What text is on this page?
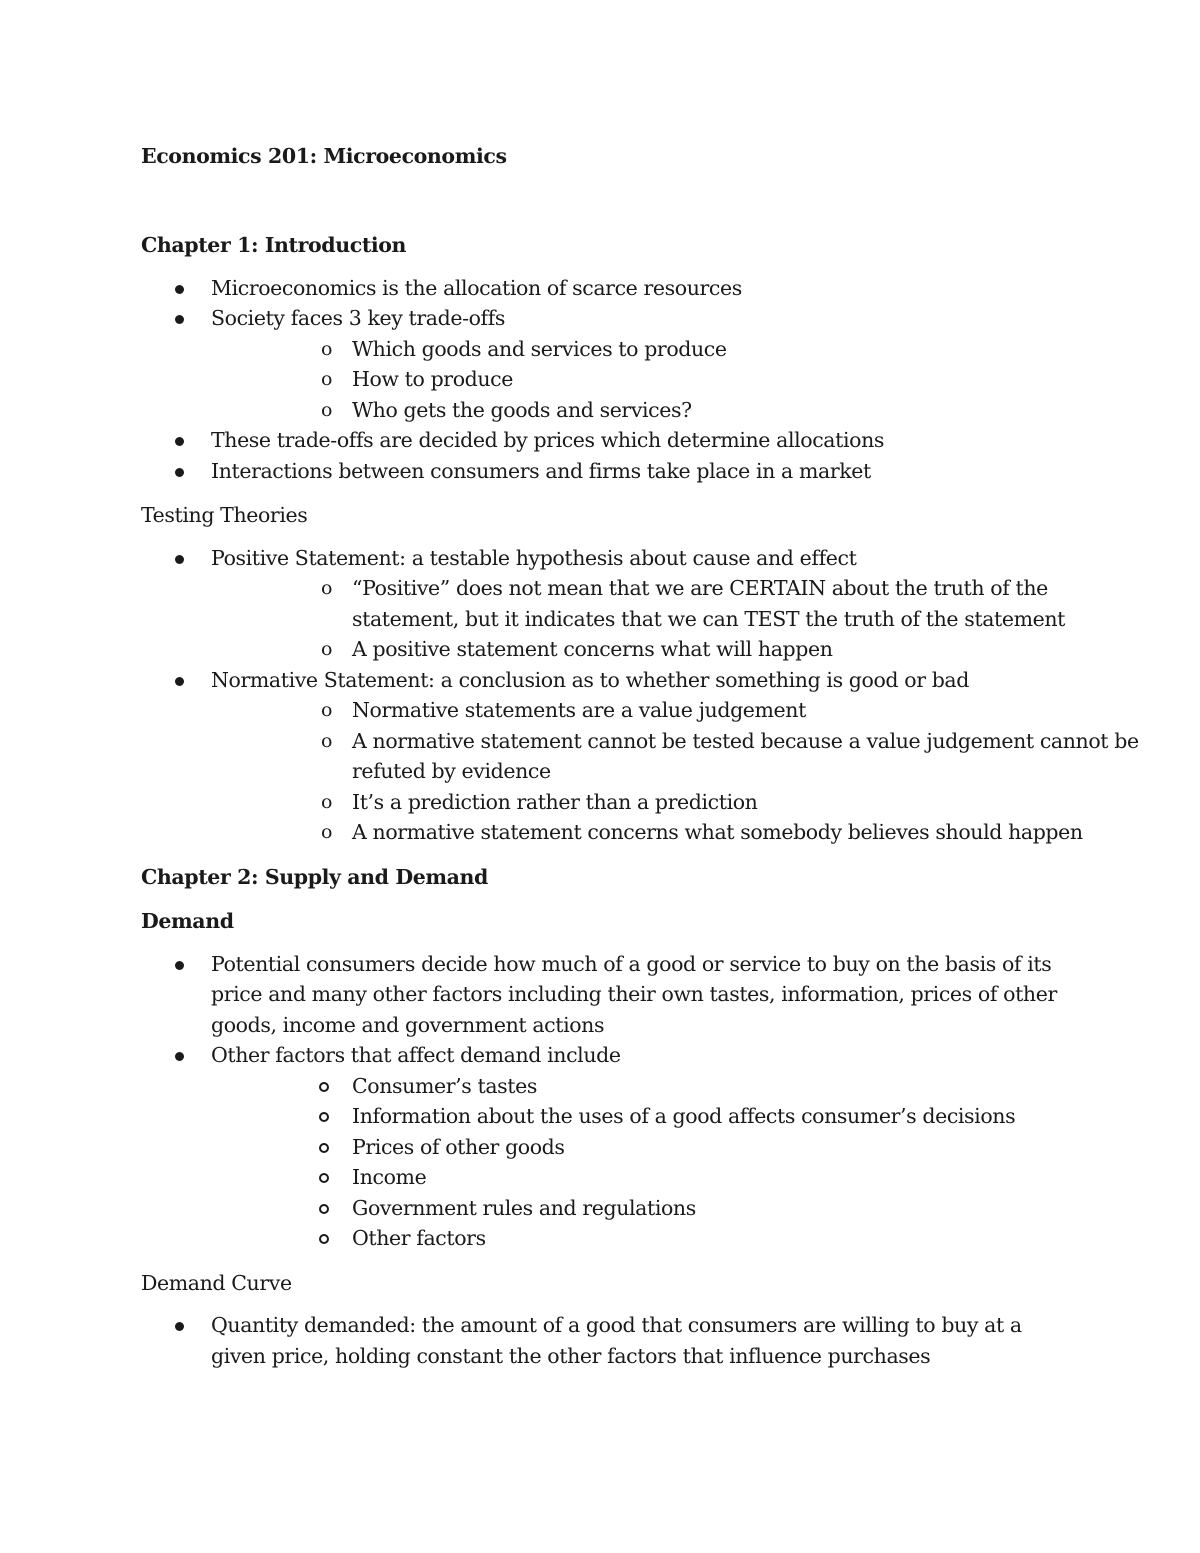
Economics 201: Microeconomics

Chapter 1: Introduction

Microeconomics is the allocation of scarce resources
Society faces 3 key trade-offs
o Which goods and services to produce
o How to produce
o Who gets the goods and services?
These trade-offs are decided by prices which determine allocations
Interactions between consumers and firms take place in a market

Testing Theories

Positive Statement: a testable hypothesis about cause and effect
o “Positive” does not mean that we are CERTAIN about the truth of the statement, but it indicates that we can TEST the truth of the statement
o A positive statement concerns what will happen
Normative Statement: a conclusion as to whether something is good or bad
o Normative statements are a value judgement
o A normative statement cannot be tested because a value judgement cannot be refuted by evidence
o It’s a prediction rather than a prediction
o A normative statement concerns what somebody believes should happen

Chapter 2: Supply and Demand

Demand

Potential consumers decide how much of a good or service to buy on the basis of its price and many other factors including their own tastes, information, prices of other goods, income and government actions
Other factors that affect demand include
Consumer’s tastes
Information about the uses of a good affects consumer’s decisions
Prices of other goods
Income
Government rules and regulations
Other factors

Demand Curve

Quantity demanded: the amount of a good that consumers are willing to buy at a given price, holding constant the other factors that influence purchases
